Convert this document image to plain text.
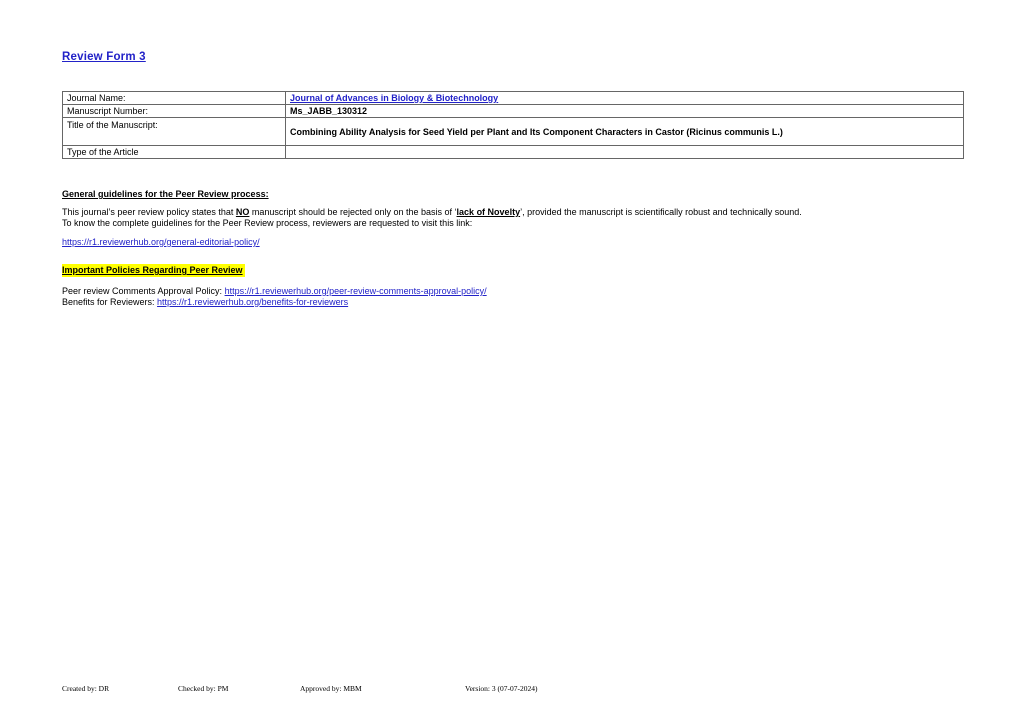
Review Form 3
Journal Name:	Journal of Advances in Biology & Biotechnology
Manuscript Number:	Ms_JABB_130312
Title of the Manuscript:	Combining Ability Analysis for Seed Yield per Plant and Its Component Characters in Castor (Ricinus communis L.)
Type of the Article	
General guidelines for the Peer Review process:
This journal’s peer review policy states that NO manuscript should be rejected only on the basis of ‘lack of Novelty’, provided the manuscript is scientifically robust and technically sound.
To know the complete guidelines for the Peer Review process, reviewers are requested to visit this link:
https://r1.reviewerhub.org/general-editorial-policy/
Important Policies Regarding Peer Review
Peer review Comments Approval Policy: https://r1.reviewerhub.org/peer-review-comments-approval-policy/
Benefits for Reviewers: https://r1.reviewerhub.org/benefits-for-reviewers
Created by: DR	Checked by: PM	Approved by: MBM	Version: 3 (07-07-2024)
